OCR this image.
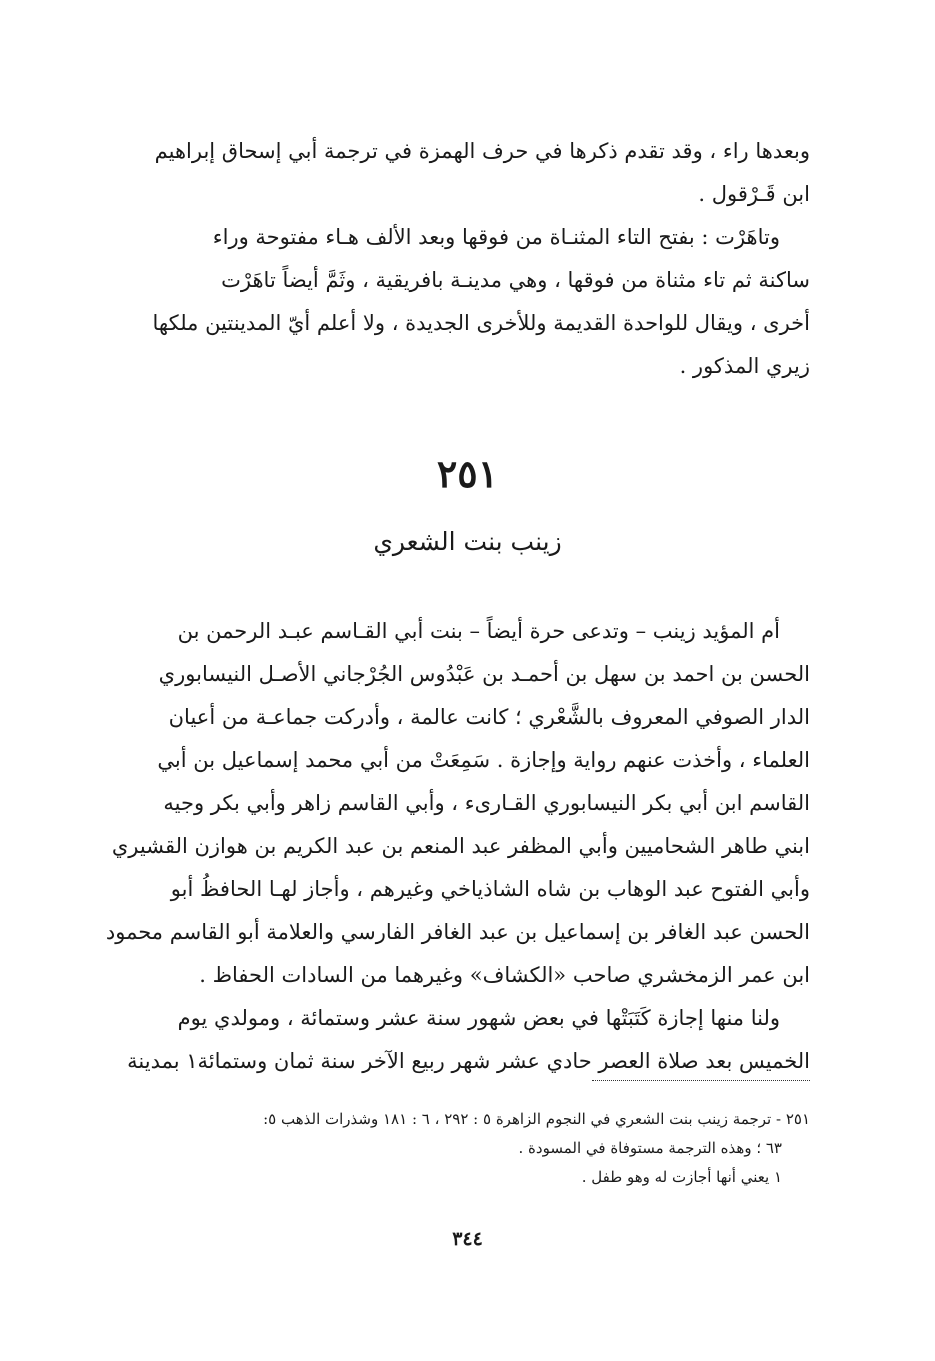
وبعدها راء ، وقد تقدم ذكرها في حرف الهمزة في ترجمة أبي إسحاق إبراهيم
ابن قَـرْقول .
وتاهَرْت : بفتح التاء المثنـاة من فوقها وبعد الألف هـاء مفتوحة وراء
ساكنة ثم تاء مثناة من فوقها ، وهي مدينـة بافريقية ، وثَمَّ أيضاً تاهَرْت
أخرى ، ويقال للواحدة القديمة وللأخرى الجديدة ، ولا أعلم أيّ المدينتين ملكها
زيري المذكور .
٢٥١
زينب بنت الشعري
أم المؤيد زينب – وتدعى حرة أيضاً – بنت أبي القـاسم عبـد الرحمن بن
الحسن بن احمد بن سهل بن أحمـد بن عَبْدُوس الجُرْجاني الأصـل النيسابوري
الدار الصوفي المعروف بالشَّعْري ؛ كانت عالمة ، وأدركت جماعـة من أعيان
العلماء ، وأخذت عنهم رواية وإجازة . سَمِعَتْ من أبي محمد إسماعيل بن أبي
القاسم ابن أبي بكر النيسابوري القـارىء ، وأبي القاسم زاهر وأبي بكر وجيه
ابني طاهر الشحاميين وأبي المظفر عبد المنعم بن عبد الكريم بن هوازن القشيري
وأبي الفتوح عبد الوهاب بن شاه الشاذياخي وغيرهم ، وأجاز لهـا الحافظُ أبو
الحسن عبد الغافر بن إسماعيل بن عبد الغافر الفارسي والعلامة أبو القاسم محمود
ابن عمر الزمخشري صاحب «الكشاف» وغيرهما من السادات الحفاظ .
ولنا منها إجازة كَتَبَتْها في بعض شهور سنة عشر وستمائة ، ومولدي يوم
الخميس بعد صلاة العصر حادي عشر شهر ربيع الآخر سنة ثمان وستمائة١ بمدينة
٢٥١ - ترجمة زينب بنت الشعري في النجوم الزاهرة ٥ : ٢٩٢ ، ٦ : ١٨١ وشذرات الذهب ٥:
٦٣ ؛ وهذه الترجمة مستوفاة في المسودة .
١ يعني أنها أجازت له وهو طفل .
٣٤٤
